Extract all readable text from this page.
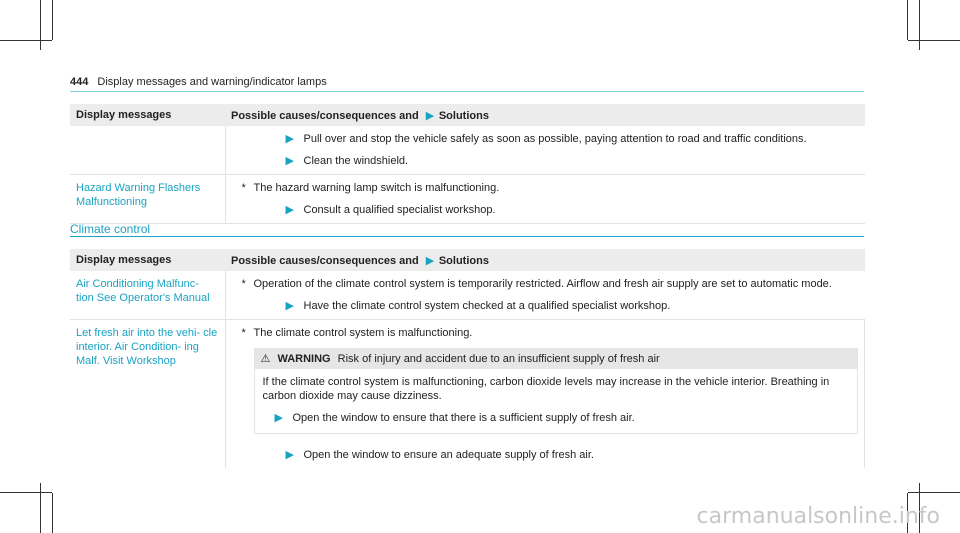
444 Display messages and warning/indicator lamps
Display messages	Possible causes/consequences and ▶ Solutions

	▶ Pull over and stop the vehicle safely as soon as possible, paying attention to road and traffic conditions.
▶ Clean the windshield.

Hazard Warning Flashers Malfunctioning	* The hazard warning lamp switch is malfunctioning.
▶ Consult a qualified specialist workshop.
Climate control
Display messages	Possible causes/consequences and ▶ Solutions
Air Conditioning Malfunc- tion See Operator's Manual	* Operation of the climate control system is temporarily restricted. Airflow and fresh air supply are set to automatic mode.
▶ Have the climate control system checked at a qualified specialist workshop.

Let fresh air into the vehi- cle interior. Air Condition- ing Malf. Visit Workshop	* The climate control system is malfunctioning.
⚠ WARNING Risk of injury and accident due to an insufficient supply of fresh air
If the climate control system is malfunctioning, carbon dioxide levels may increase in the vehicle interior. Breathing in carbon dioxide may cause dizziness.
▶ Open the window to ensure that there is a sufficient supply of fresh air.
▶ Open the window to ensure an adequate supply of fresh air.
carmanualsonline.info
